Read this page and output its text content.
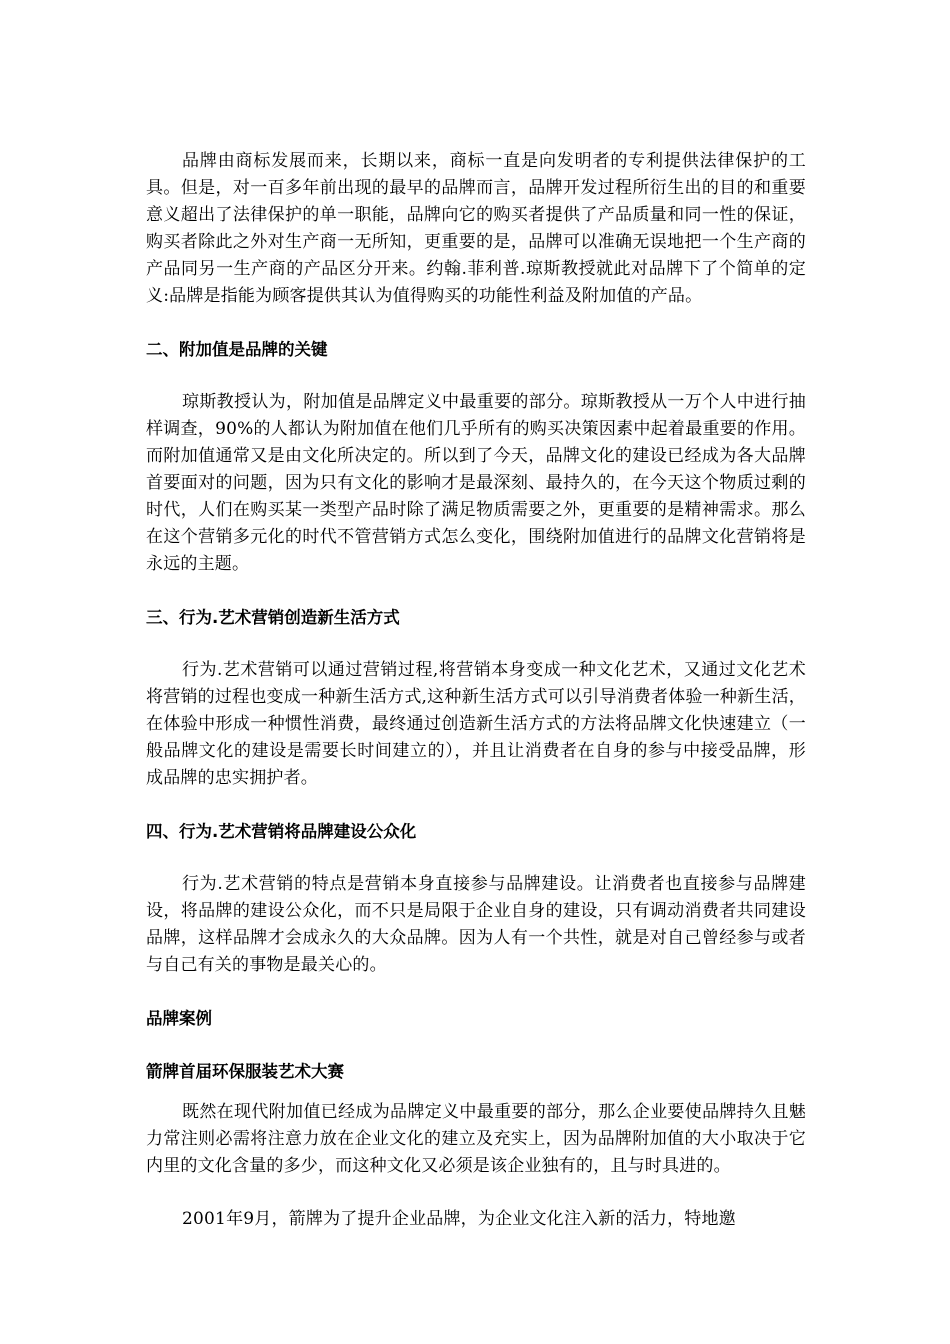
品牌由商标发展而来，长期以来，商标一直是向发明者的专利提供法律保护的工具。但是，对一百多年前出现的最早的品牌而言，品牌开发过程所衍生出的目的和重要意义超出了法律保护的单一职能，品牌向它的购买者提供了产品质量和同一性的保证，购买者除此之外对生产商一无所知，更重要的是，品牌可以准确无误地把一个生产商的产品同另一生产商的产品区分开来。约翰.菲利普.琼斯教授就此对品牌下了个简单的定义:品牌是指能为顾客提供其认为值得购买的功能性利益及附加值的产品。

二、附加值是品牌的关键

琼斯教授认为，附加值是品牌定义中最重要的部分。琼斯教授从一万个人中进行抽样调查，90%的人都认为附加值在他们几乎所有的购买决策因素中起着最重要的作用。而附加值通常又是由文化所决定的。所以到了今天，品牌文化的建设已经成为各大品牌首要面对的问题，因为只有文化的影响才是最深刻、最持久的，在今天这个物质过剩的时代，人们在购买某一类型产品时除了满足物质需要之外，更重要的是精神需求。那么在这个营销多元化的时代不管营销方式怎么变化，围绕附加值进行的品牌文化营销将是永远的主题。

三、行为.艺术营销创造新生活方式

行为.艺术营销可以通过营销过程,将营销本身变成一种文化艺术，又通过文化艺术将营销的过程也变成一种新生活方式,这种新生活方式可以引导消费者体验一种新生活，在体验中形成一种惯性消费，最终通过创造新生活方式的方法将品牌文化快速建立（一般品牌文化的建设是需要长时间建立的），并且让消费者在自身的参与中接受品牌，形成品牌的忠实拥护者。

四、行为.艺术营销将品牌建设公众化

行为.艺术营销的特点是营销本身直接参与品牌建设。让消费者也直接参与品牌建设，将品牌的建设公众化，而不只是局限于企业自身的建设，只有调动消费者共同建设品牌，这样品牌才会成永久的大众品牌。因为人有一个共性，就是对自己曾经参与或者与自己有关的事物是最关心的。

品牌案例
箭牌首届环保服装艺术大赛

既然在现代附加值已经成为品牌定义中最重要的部分，那么企业要使品牌持久且魅力常注则必需将注意力放在企业文化的建立及充实上，因为品牌附加值的大小取决于它内里的文化含量的多少，而这种文化又必须是该企业独有的，且与时具进的。

2001年9月，箭牌为了提升企业品牌，为企业文化注入新的活力，特地邀
